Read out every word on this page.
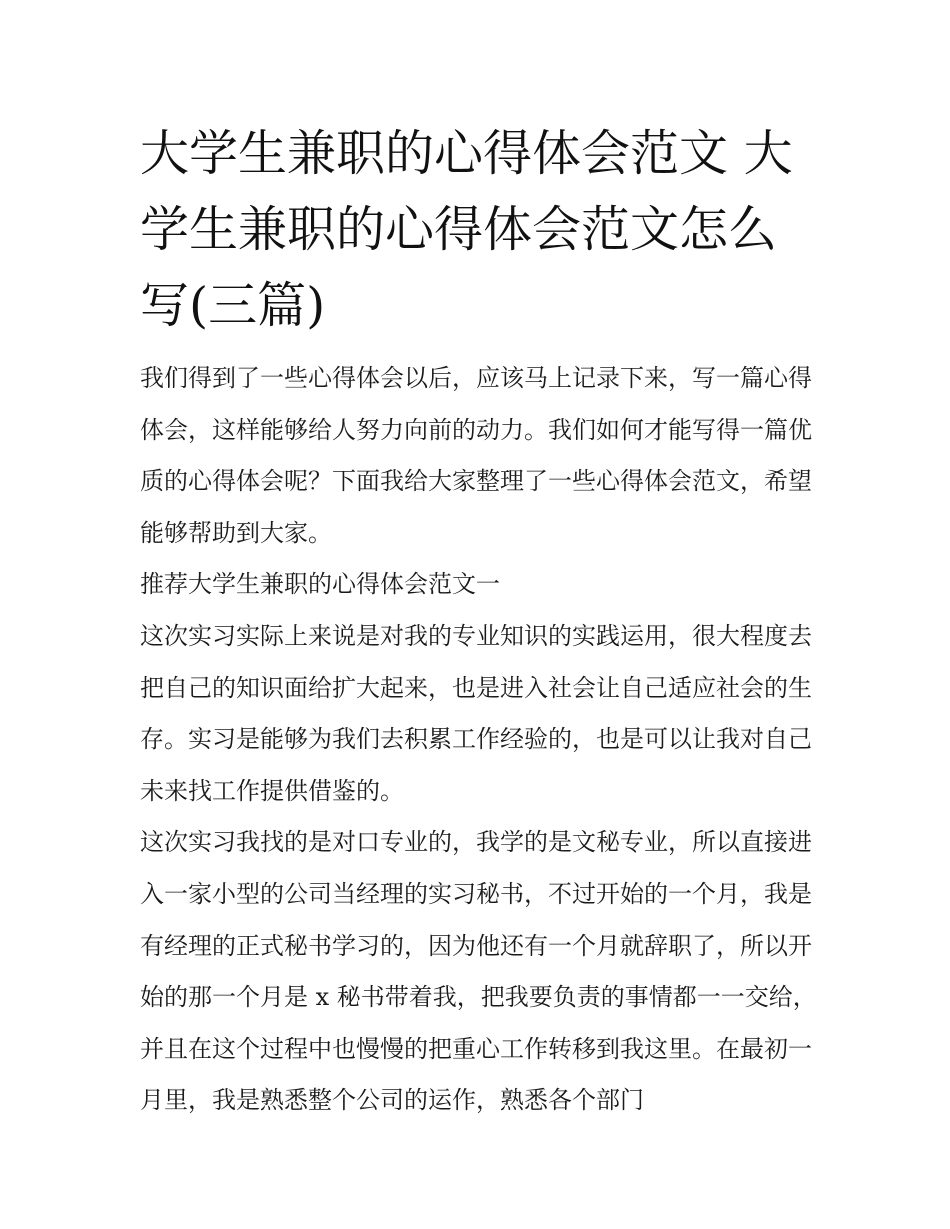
大学生兼职的心得体会范文 大学生兼职的心得体会范文怎么写(三篇)

我们得到了一些心得体会以后，应该马上记录下来，写一篇心得体会，这样能够给人努力向前的动力。我们如何才能写得一篇优质的心得体会呢？下面我给大家整理了一些心得体会范文，希望能够帮助到大家。

推荐大学生兼职的心得体会范文一

这次实习实际上来说是对我的专业知识的实践运用，很大程度去把自己的知识面给扩大起来，也是进入社会让自己适应社会的生存。实习是能够为我们去积累工作经验的，也是可以让我对自己未来找工作提供借鉴的。

这次实习我找的是对口专业的，我学的是文秘专业，所以直接进入一家小型的公司当经理的实习秘书，不过开始的一个月，我是有经理的正式秘书学习的，因为他还有一个月就辞职了，所以开始的那一个月是 x 秘书带着我，把我要负责的事情都一一交给，并且在这个过程中也慢慢的把重心工作转移到我这里。在最初一月里，我是熟悉整个公司的运作，熟悉各个部门
